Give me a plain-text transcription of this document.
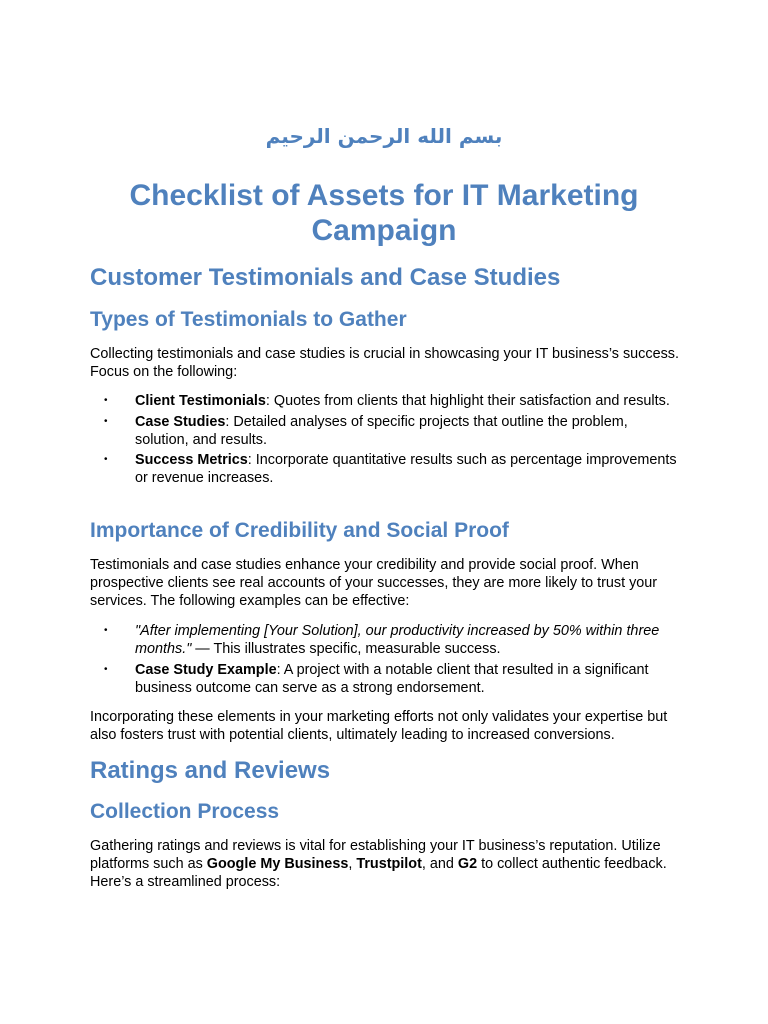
بسم الله الرحمن الرحيم
Checklist of Assets for IT Marketing Campaign
Customer Testimonials and Case Studies
Types of Testimonials to Gather

Collecting testimonials and case studies is crucial in showcasing your IT business’s success. Focus on the following:

• Client Testimonials: Quotes from clients that highlight their satisfaction and results.
• Case Studies: Detailed analyses of specific projects that outline the problem, solution, and results.
• Success Metrics: Incorporate quantitative results such as percentage improvements or revenue increases.
Importance of Credibility and Social Proof

Testimonials and case studies enhance your credibility and provide social proof. When prospective clients see real accounts of your successes, they are more likely to trust your services. The following examples can be effective:

• "After implementing [Your Solution], our productivity increased by 50% within three months." — This illustrates specific, measurable success.
• Case Study Example: A project with a notable client that resulted in a significant business outcome can serve as a strong endorsement.

Incorporating these elements in your marketing efforts not only validates your expertise but also fosters trust with potential clients, ultimately leading to increased conversions.

Ratings and Reviews
Collection Process

Gathering ratings and reviews is vital for establishing your IT business’s reputation. Utilize platforms such as Google My Business, Trustpilot, and G2 to collect authentic feedback. Here’s a streamlined process:
